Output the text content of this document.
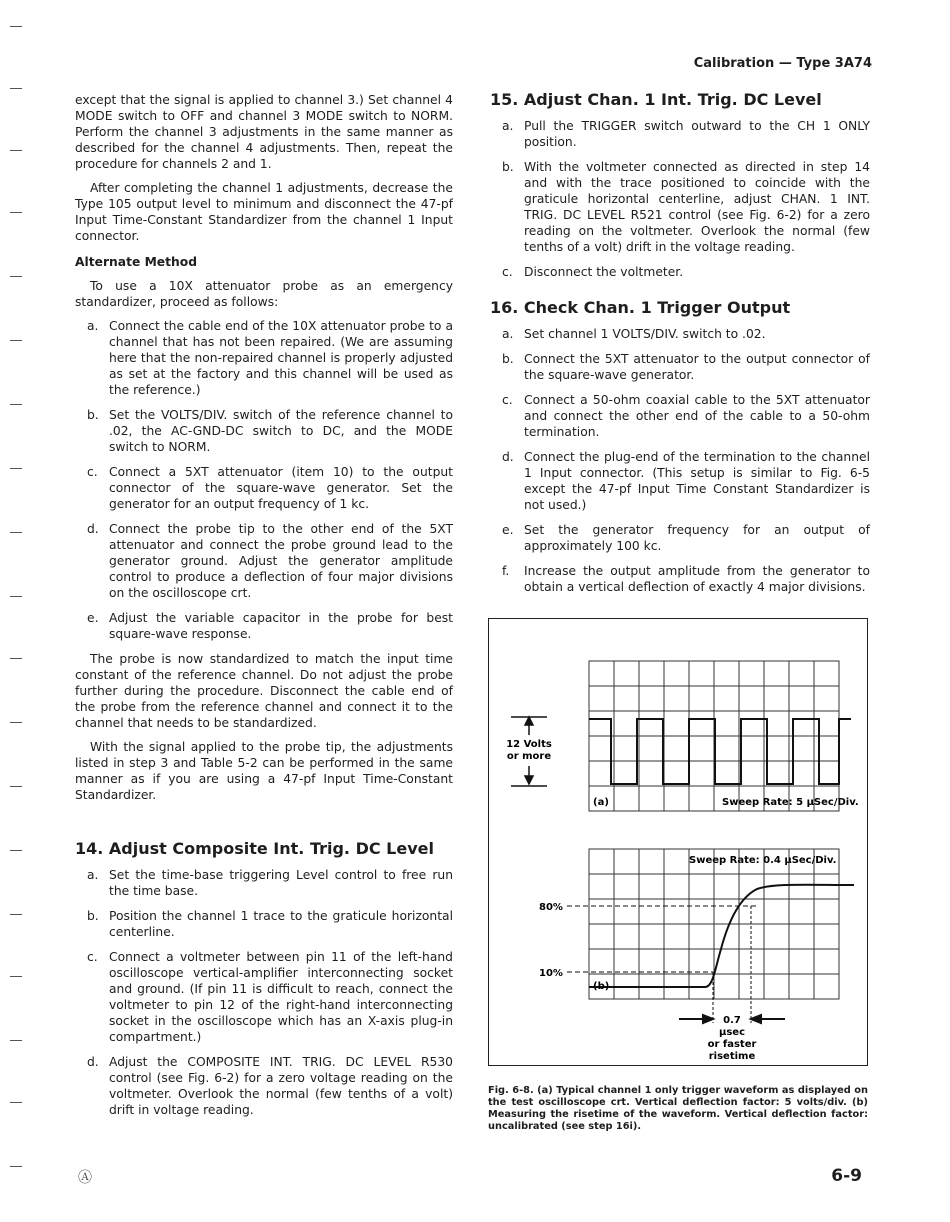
Calibration — Type 3A74

except that the signal is applied to channel 3.) Set channel 4 MODE switch to OFF and channel 3 MODE switch to NORM. Perform the channel 3 adjustments in the same manner as described for the channel 4 adjustments. Then, repeat the procedure for channels 2 and 1.

After completing the channel 1 adjustments, decrease the Type 105 output level to minimum and disconnect the 47-pf Input Time-Constant Standardizer from the channel 1 Input connector.

Alternate Method

To use a 10X attenuator probe as an emergency standardizer, proceed as follows:

a. Connect the cable end of the 10X attenuator probe to a channel that has not been repaired. (We are assuming here that the non-repaired channel is properly adjusted as set at the factory and this channel will be used as the reference.)
b. Set the VOLTS/DIV. switch of the reference channel to .02, the AC-GND-DC switch to DC, and the MODE switch to NORM.
c. Connect a 5XT attenuator (item 10) to the output connector of the square-wave generator. Set the generator for an output frequency of 1 kc.
d. Connect the probe tip to the other end of the 5XT attenuator and connect the probe ground lead to the generator ground. Adjust the generator amplitude control to produce a deflection of four major divisions on the oscilloscope crt.
e. Adjust the variable capacitor in the probe for best square-wave response.

The probe is now standardized to match the input time constant of the reference channel. Do not adjust the probe further during the procedure. Disconnect the cable end of the probe from the reference channel and connect it to the channel that needs to be standardized.

With the signal applied to the probe tip, the adjustments listed in step 3 and Table 5-2 can be performed in the same manner as if you are using a 47-pf Input Time-Constant Standardizer.

14. Adjust Composite Int. Trig. DC Level
a. Set the time-base triggering Level control to free run the time base.
b. Position the channel 1 trace to the graticule horizontal centerline.
c. Connect a voltmeter between pin 11 of the left-hand oscilloscope vertical-amplifier interconnecting socket and ground. (If pin 11 is difficult to reach, connect the voltmeter to pin 12 of the right-hand interconnecting socket in the oscilloscope which has an X-axis plug-in compartment.)
d. Adjust the COMPOSITE INT. TRIG. DC LEVEL R530 control (see Fig. 6-2) for a zero voltage reading on the voltmeter. Overlook the normal (few tenths of a volt) drift in voltage reading.
15. Adjust Chan. 1 Int. Trig. DC Level
a. Pull the TRIGGER switch outward to the CH 1 ONLY position.
b. With the voltmeter connected as directed in step 14 and with the trace positioned to coincide with the graticule horizontal centerline, adjust CHAN. 1 INT. TRIG. DC LEVEL R521 control (see Fig. 6-2) for a zero reading on the voltmeter. Overlook the normal (few tenths of a volt) drift in the voltage reading.
c. Disconnect the voltmeter.
16. Check Chan. 1 Trigger Output
a. Set channel 1 VOLTS/DIV. switch to .02.
b. Connect the 5XT attenuator to the output connector of the square-wave generator.
c. Connect a 50-ohm coaxial cable to the 5XT attenuator and connect the other end of the cable to a 50-ohm termination.
d. Connect the plug-end of the termination to the channel 1 Input connector. (This setup is similar to Fig. 6-5 except the 47-pf Input Time Constant Standardizer is not used.)
e. Set the generator frequency for an output of approximately 100 kc.
f. Increase the output amplitude from the generator to obtain a vertical deflection of exactly 4 major divisions.
12 Volts
or more
(a)	Sweep Rate: 5 µSec/Div.
80%
10%
(b)
Sweep Rate: 0.4 µSec/Div.
0.7
µsec
or faster
risetime
Fig. 6-8. (a) Typical channel 1 only trigger waveform as displayed on the test oscilloscope crt. Vertical deflection factor: 5 volts/div. (b) Measuring the risetime of the waveform. Vertical deflection factor: uncalibrated (see step 16i).
Ⓐ	6-9
